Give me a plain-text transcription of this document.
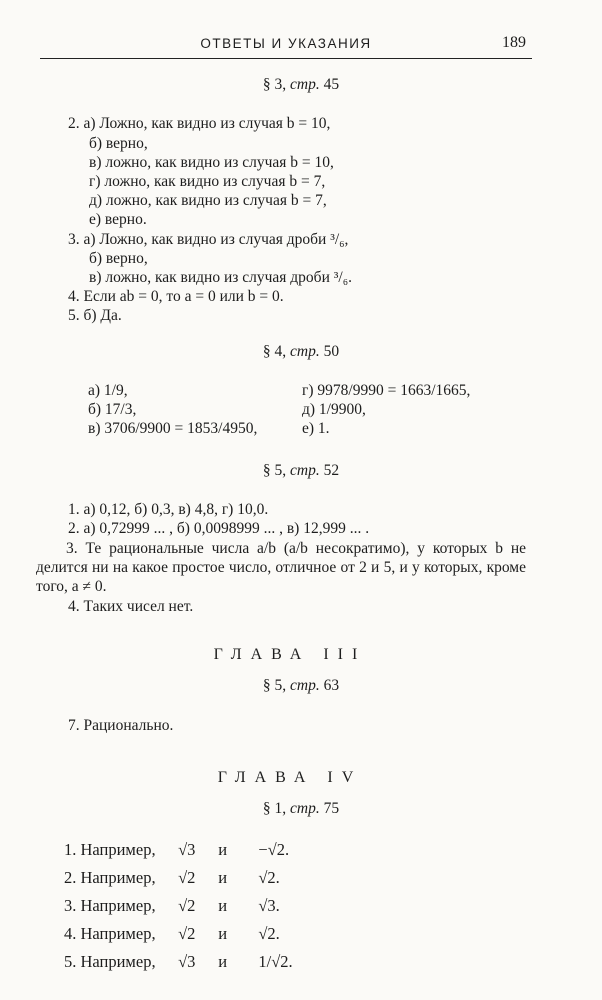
ОТВЕТЫ И УКАЗАНИЯ	189
§ 3, стр. 45
2. а) Ложно, как видно из случая b = 10,
б) верно,
в) ложно, как видно из случая b = 10,
г) ложно, как видно из случая b = 7,
д) ложно, как видно из случая b = 7,
е) верно.
3. а) Ложно, как видно из случая дроби ³/₆,
б) верно,
в) ложно, как видно из случая дроби ³/₆.
4. Если ab = 0, то a = 0 или b = 0.
5. б) Да.
§ 4, стр. 50
а) 1/9,
б) 17/3,
в) 3706/9900 = 1853/4950,
г) 9978/9990 = 1663/1665,
д) 1/9900,
е) 1.
§ 5, стр. 52
1. а) 0,12, б) 0,3, в) 4,8, г) 10,0.
2. а) 0,72999 ... , б) 0,0098999 ... , в) 12,999 ... .
3. Те рациональные числа a/b (a/b несократимо), у которых b не делится ни на какое простое число, отличное от 2 и 5, и у которых, кроме того, a ≠ 0.
4. Таких чисел нет.
ГЛАВА III
§ 5, стр. 63
7. Рационально.
ГЛАВА IV
§ 1, стр. 75
1. Например, √3 и −√2.
2. Например, √2 и √2.
3. Например, √2 и √3.
4. Например, √2 и √2.
5. Например, √3 и 1/√2.
